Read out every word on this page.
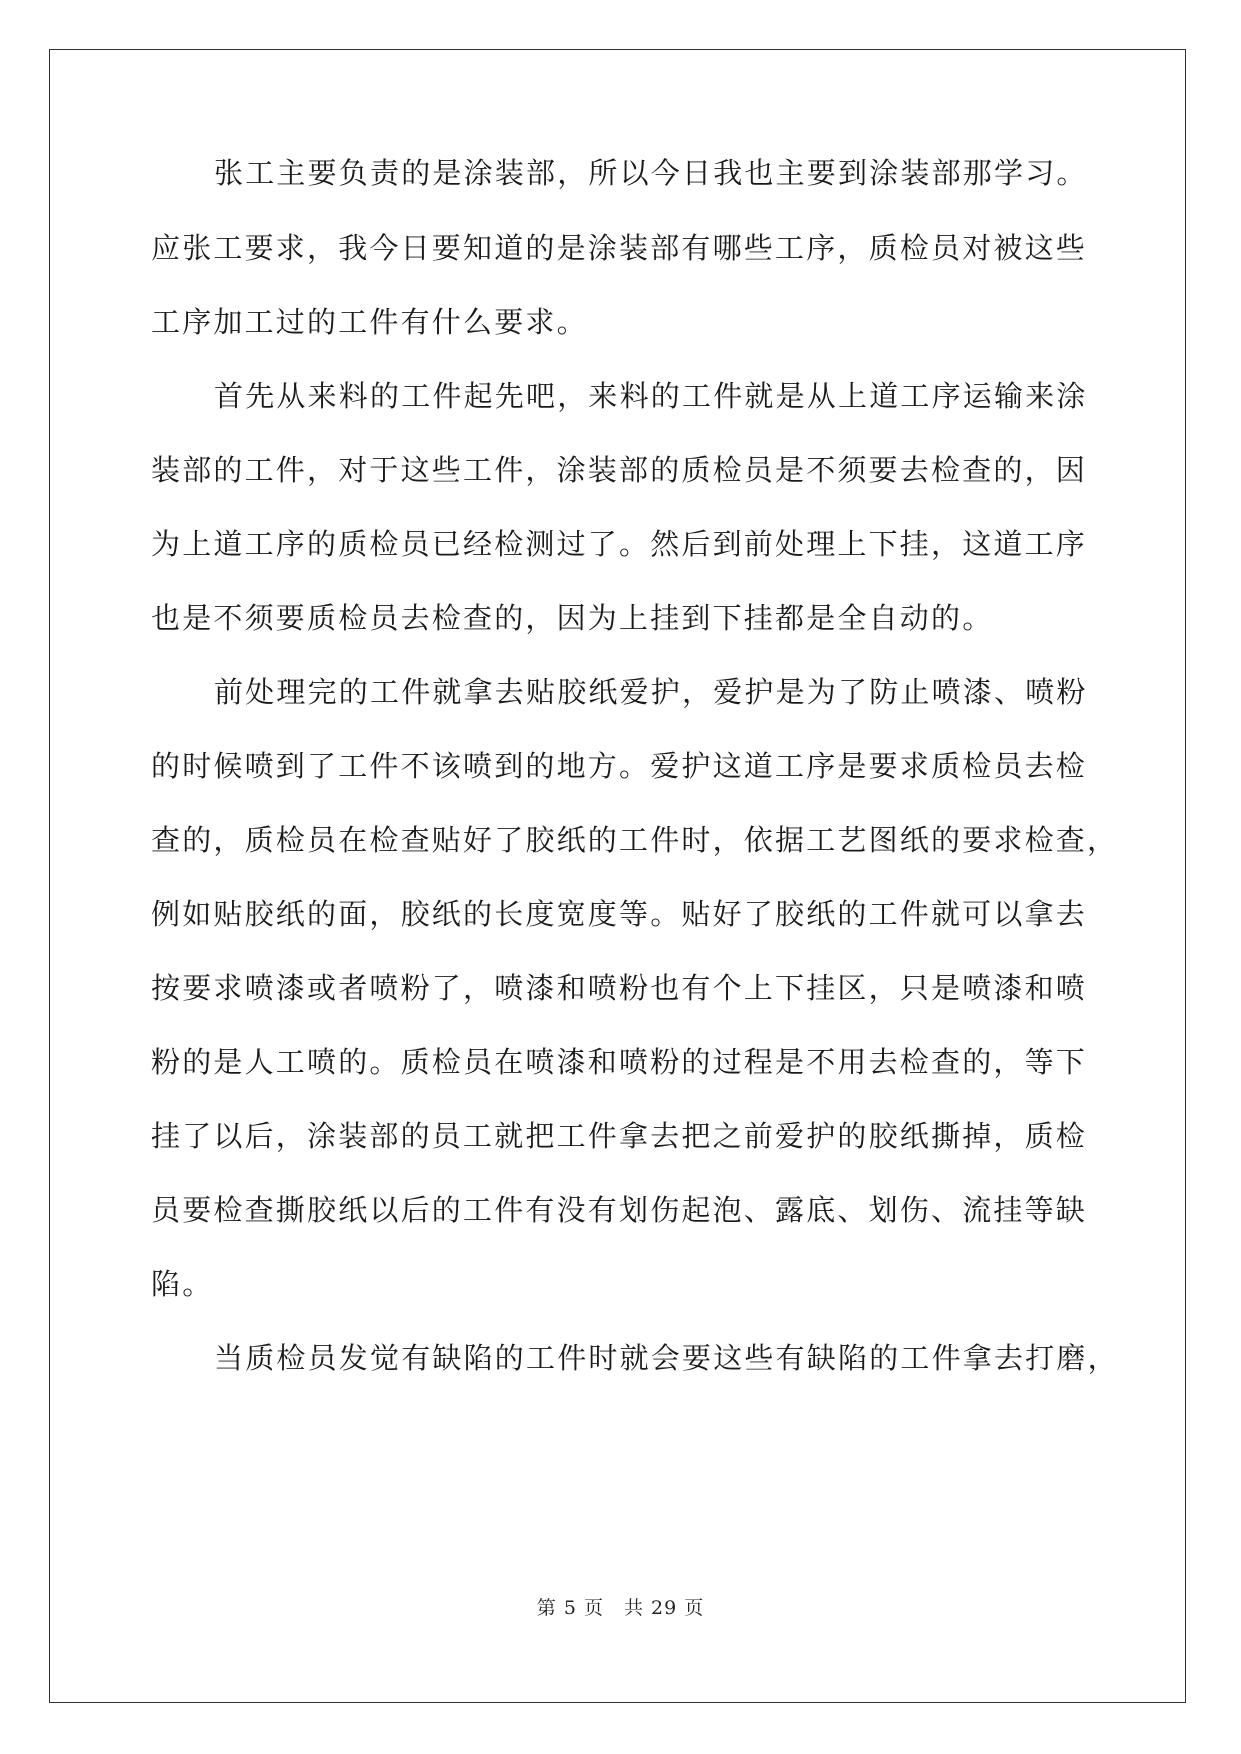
张工主要负责的是涂装部，所以今日我也主要到涂装部那学习。
应张工要求，我今日要知道的是涂装部有哪些工序，质检员对被这些
工序加工过的工件有什么要求。
首先从来料的工件起先吧，来料的工件就是从上道工序运输来涂
装部的工件，对于这些工件，涂装部的质检员是不须要去检查的，因
为上道工序的质检员已经检测过了。然后到前处理上下挂，这道工序
也是不须要质检员去检查的，因为上挂到下挂都是全自动的。
前处理完的工件就拿去贴胶纸爱护，爱护是为了防止喷漆、喷粉
的时候喷到了工件不该喷到的地方。爱护这道工序是要求质检员去检
查的，质检员在检查贴好了胶纸的工件时，依据工艺图纸的要求检查，
例如贴胶纸的面，胶纸的长度宽度等。贴好了胶纸的工件就可以拿去
按要求喷漆或者喷粉了，喷漆和喷粉也有个上下挂区，只是喷漆和喷
粉的是人工喷的。质检员在喷漆和喷粉的过程是不用去检查的，等下
挂了以后，涂装部的员工就把工件拿去把之前爱护的胶纸撕掉，质检
员要检查撕胶纸以后的工件有没有划伤起泡、露底、划伤、流挂等缺
陷。
当质检员发觉有缺陷的工件时就会要这些有缺陷的工件拿去打磨，
第 5 页 共 29 页
